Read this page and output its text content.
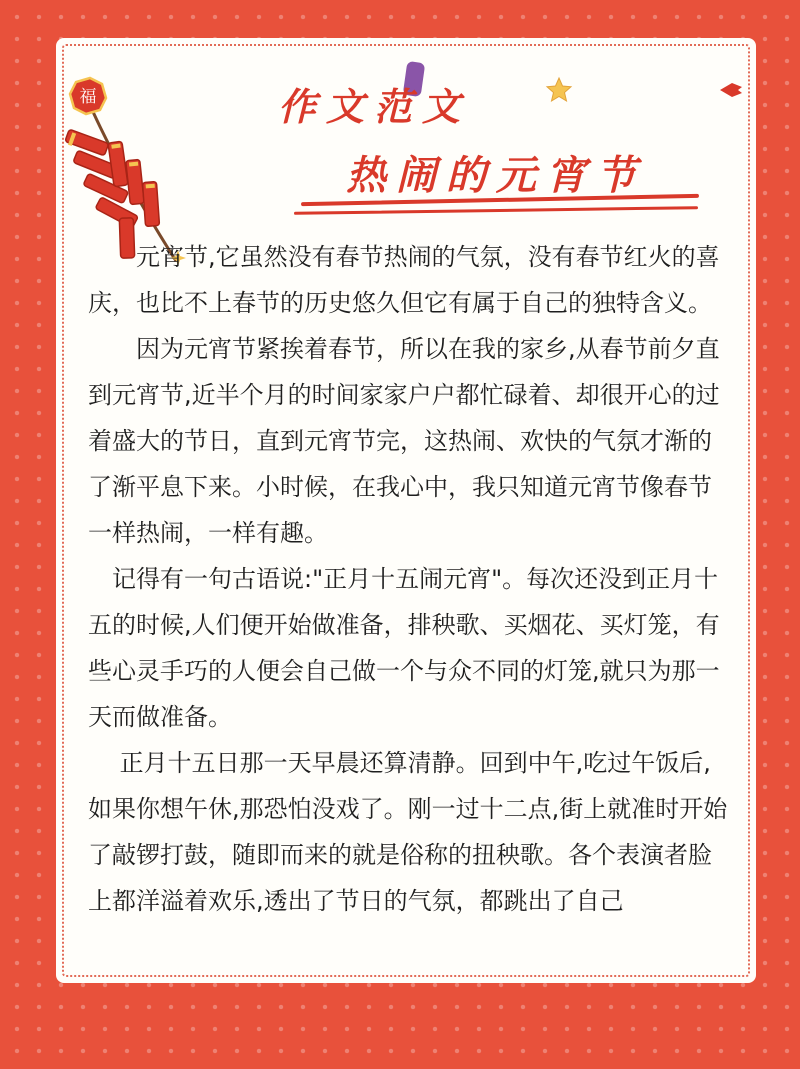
福	作文范文
热闹的元宵节

　　元宵节,它虽然没有春节热闹的气氛，没有春节红火的喜庆，也比不上春节的历史悠久但它有属于自己的独特含义。

　　因为元宵节紧挨着春节，所以在我的家乡,从春节前夕直到元宵节,近半个月的时间家家户户都忙碌着、却很开心的过着盛大的节日，直到元宵节完，这热闹、欢快的气氛才渐的了渐平息下来。小时候，在我心中，我只知道元宵节像春节一样热闹，一样有趣。

　记得有一句古语说:"正月十五闹元宵"。每次还没到正月十五的时候,人们便开始做准备，排秧歌、买烟花、买灯笼，有些心灵手巧的人便会自己做一个与众不同的灯笼,就只为那一天而做准备。

　 正月十五日那一天早晨还算清静。回到中午,吃过午饭后,如果你想午休,那恐怕没戏了。刚一过十二点,街上就准时开始了敲锣打鼓，随即而来的就是俗称的扭秧歌。各个表演者脸上都洋溢着欢乐,透出了节日的气氛，都跳出了自己
